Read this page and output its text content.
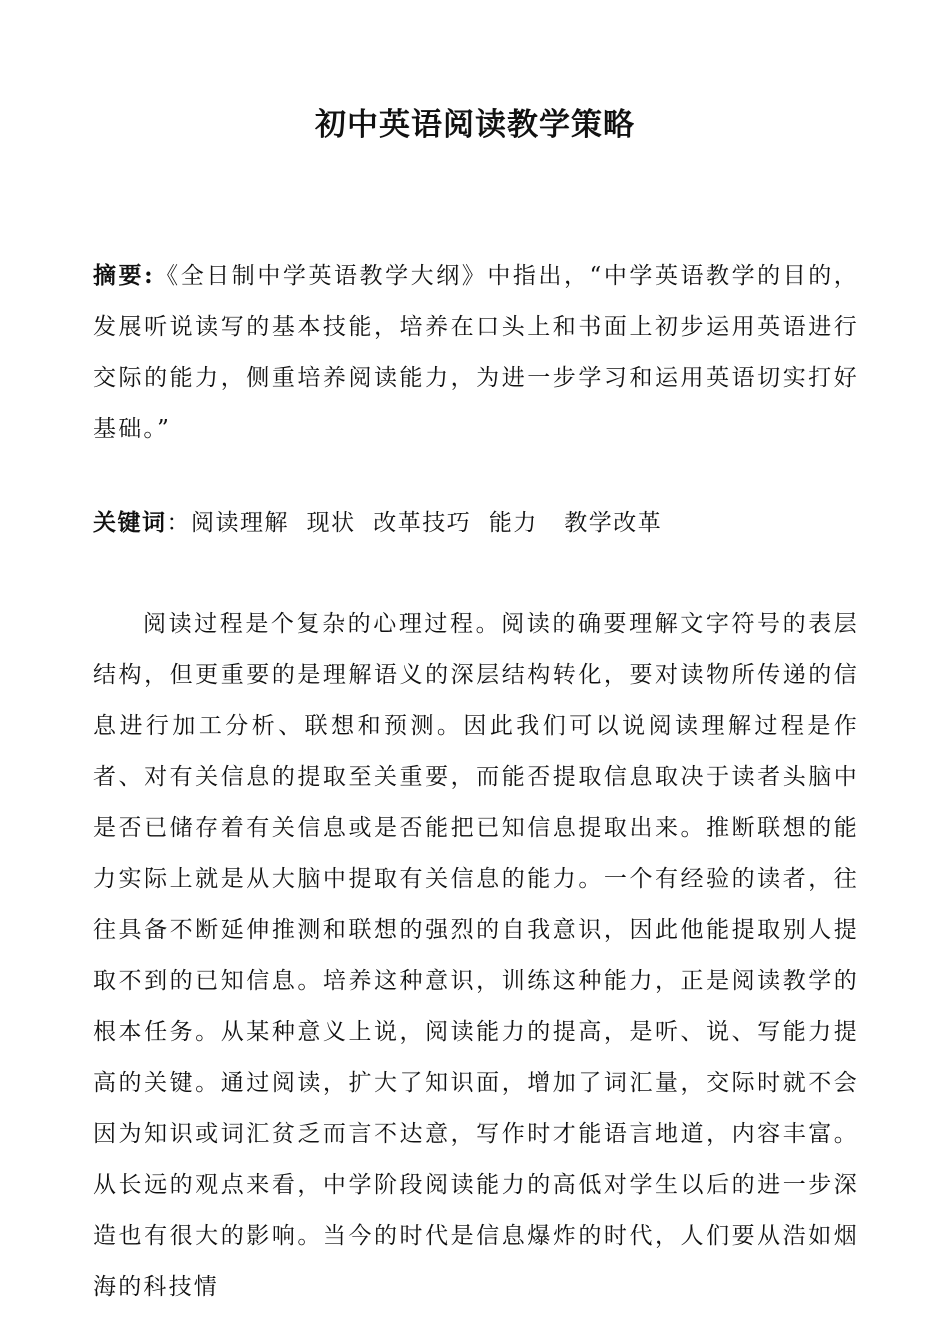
初中英语阅读教学策略

摘要:《全日制中学英语教学大纲》中指出，“中学英语教学的目的，发展听说读写的基本技能，培养在口头上和书面上初步运用英语进行交际的能力，侧重培养阅读能力，为进一步学习和运用英语切实打好基础。”

关键词：阅读理解  现状  改革技巧  能力   教学改革

阅读过程是个复杂的心理过程。阅读的确要理解文字符号的表层结构，但更重要的是理解语义的深层结构转化，要对读物所传递的信息进行加工分析、联想和预测。因此我们可以说阅读理解过程是作者、对有关信息的提取至关重要，而能否提取信息取决于读者头脑中是否已储存着有关信息或是否能把已知信息提取出来。推断联想的能力实际上就是从大脑中提取有关信息的能力。一个有经验的读者，往往具备不断延伸推测和联想的强烈的自我意识，因此他能提取别人提取不到的已知信息。培养这种意识，训练这种能力，正是阅读教学的根本任务。从某种意义上说，阅读能力的提高，是听、说、写能力提高的关键。通过阅读，扩大了知识面，增加了词汇量，交际时就不会因为知识或词汇贫乏而言不达意，写作时才能语言地道，内容丰富。从长远的观点来看，中学阶段阅读能力的高低对学生以后的进一步深造也有很大的影响。当今的时代是信息爆炸的时代，人们要从浩如烟海的科技情
